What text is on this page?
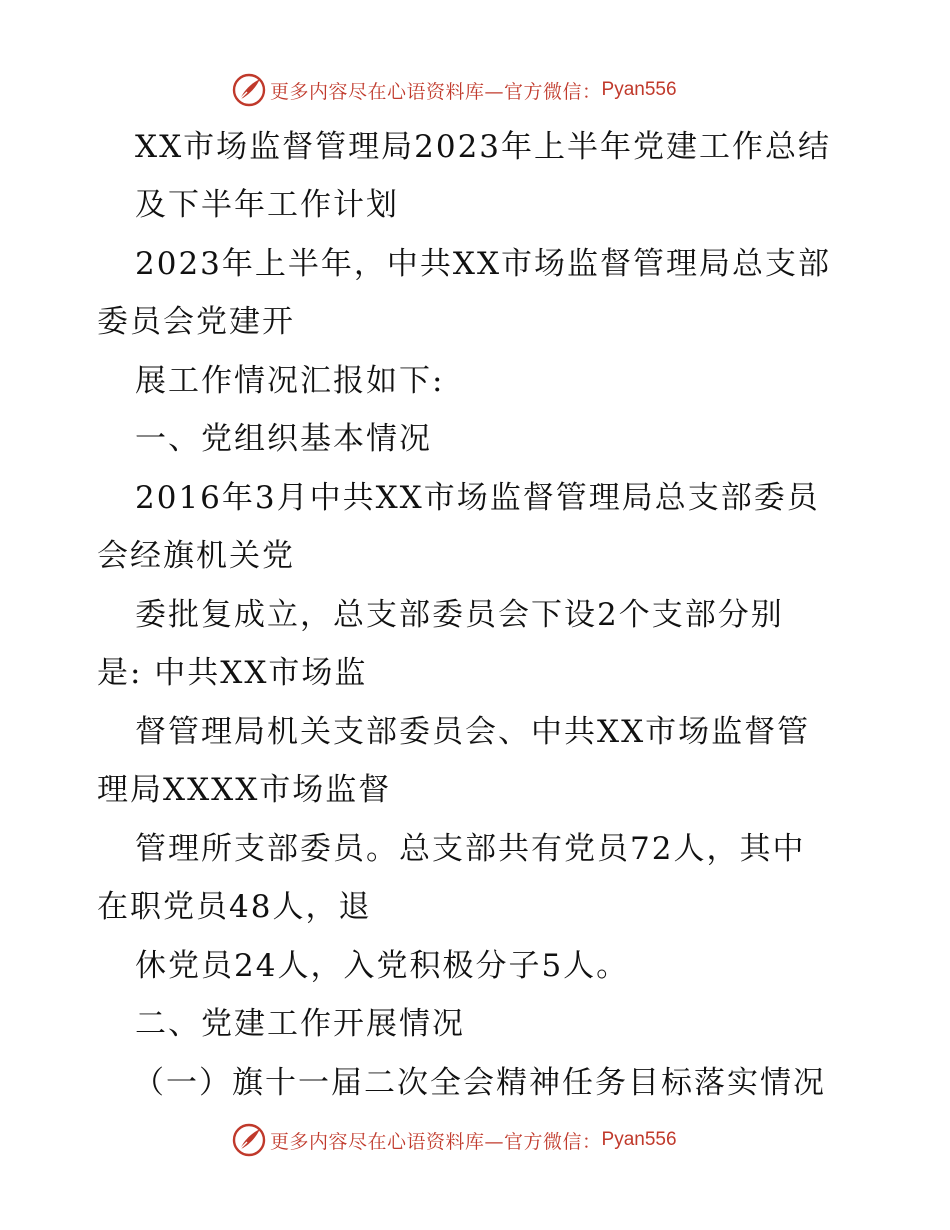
更多内容尽在心语资料库—官方微信： Pyan556

XX市场监督管理局2023年上半年党建工作总结

及下半年工作计划

2023年上半年，中共XX市场监督管理局总支部

委员会党建开

展工作情况汇报如下:

一、党组织基本情况

2016年3月中共XX市场监督管理局总支部委员

会经旗机关党

委批复成立，总支部委员会下设2个支部分别

是: 中共XX市场监

督管理局机关支部委员会、中共XX市场监督管

理局XXXX市场监督

管理所支部委员。总支部共有党员72人，其中

在职党员48人，退

休党员24人，入党积极分子5人。

二、党建工作开展情况

（一）旗十一届二次全会精神任务目标落实情况

更多内容尽在心语资料库—官方微信： Pyan556
